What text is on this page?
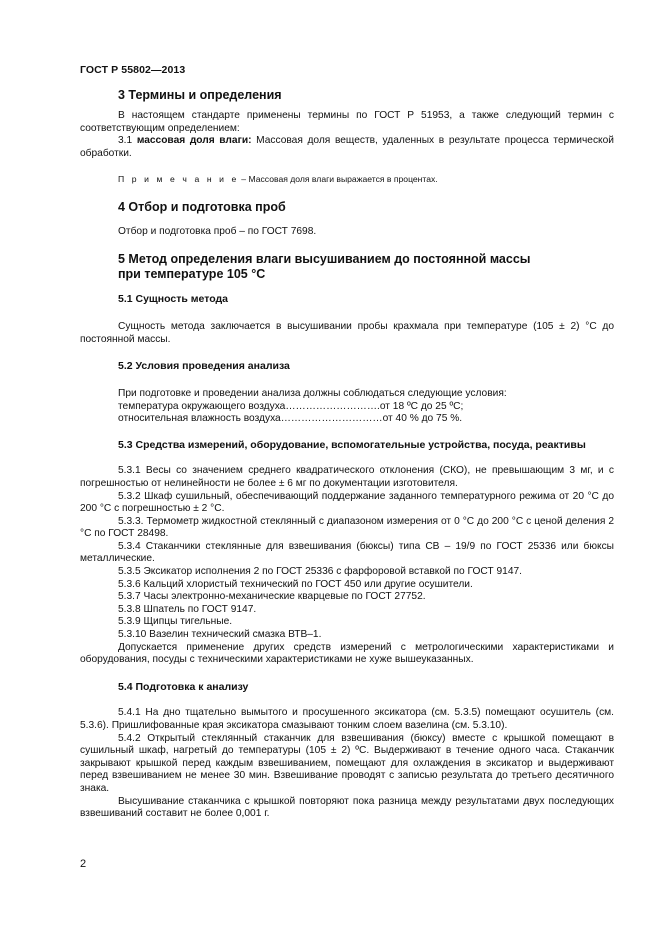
ГОСТ Р 55802—2013
3 Термины и определения
В настоящем стандарте применены термины по ГОСТ Р 51953, а также следующий термин с соответствующим определением:
3.1 массовая доля влаги: Массовая доля веществ, удаленных в результате процесса термической обработки.
П р и м е ч а н и е – Массовая доля влаги выражается в процентах.
4 Отбор и подготовка проб
Отбор и подготовка проб – по ГОСТ 7698.
5 Метод определения влаги высушиванием до постоянной массы
при температуре 105 °С
5.1 Сущность метода
Сущность метода заключается в высушивании пробы крахмала при температуре (105 ± 2) °С до постоянной массы.
5.2 Условия проведения анализа
При подготовке и проведении анализа должны соблюдаться следующие условия:
температура окружающего воздуха……………………….от 18 ºС до 25 ºС;
относительная влажность воздуха…………………………от 40 % до 75 %.
5.3 Средства измерений, оборудование, вспомогательные устройства, посуда, реактивы
5.3.1 Весы со значением среднего квадратического отклонения (СКО), не превышающим 3 мг, и с погрешностью от нелинейности не более ± 6 мг по документации изготовителя.
5.3.2 Шкаф сушильный, обеспечивающий поддержание заданного температурного режима от 20 °С до 200 °С с погрешностью ± 2 °С.
5.3.3. Термометр жидкостной стеклянный с диапазоном измерения от 0 °С до 200 °С с ценой деления 2 °С по ГОСТ 28498.
5.3.4 Стаканчики стеклянные для взвешивания (бюксы) типа СВ – 19/9 по ГОСТ 25336 или бюксы металлические.
5.3.5 Эксикатор исполнения 2 по ГОСТ 25336 с фарфоровой вставкой по ГОСТ 9147.
5.3.6 Кальций хлористый технический по ГОСТ 450 или другие осушители.
5.3.7 Часы электронно-механические кварцевые по ГОСТ 27752.
5.3.8 Шпатель по ГОСТ 9147.
5.3.9 Щипцы тигельные.
5.3.10 Вазелин технический смазка ВТВ–1.
Допускается применение других средств измерений с метрологическими характеристиками и оборудования, посуды с техническими характеристиками не хуже вышеуказанных.
5.4 Подготовка к анализу
5.4.1 На дно тщательно вымытого и просушенного эксикатора (см. 5.3.5) помещают осушитель (см. 5.3.6). Пришлифованные края эксикатора смазывают тонким слоем вазелина (см. 5.3.10).
5.4.2 Открытый стеклянный стаканчик для взвешивания (бюксу) вместе с крышкой помещают в сушильный шкаф, нагретый до температуры (105 ± 2) ºС. Выдерживают в течение одного часа. Стаканчик закрывают крышкой перед каждым взвешиванием, помещают для охлаждения в эксикатор и выдерживают перед взвешиванием не менее 30 мин. Взвешивание проводят с записью результата до третьего десятичного знака.
Высушивание стаканчика с крышкой повторяют пока разница между результатами двух последующих взвешиваний составит не более 0,001 г.
2
